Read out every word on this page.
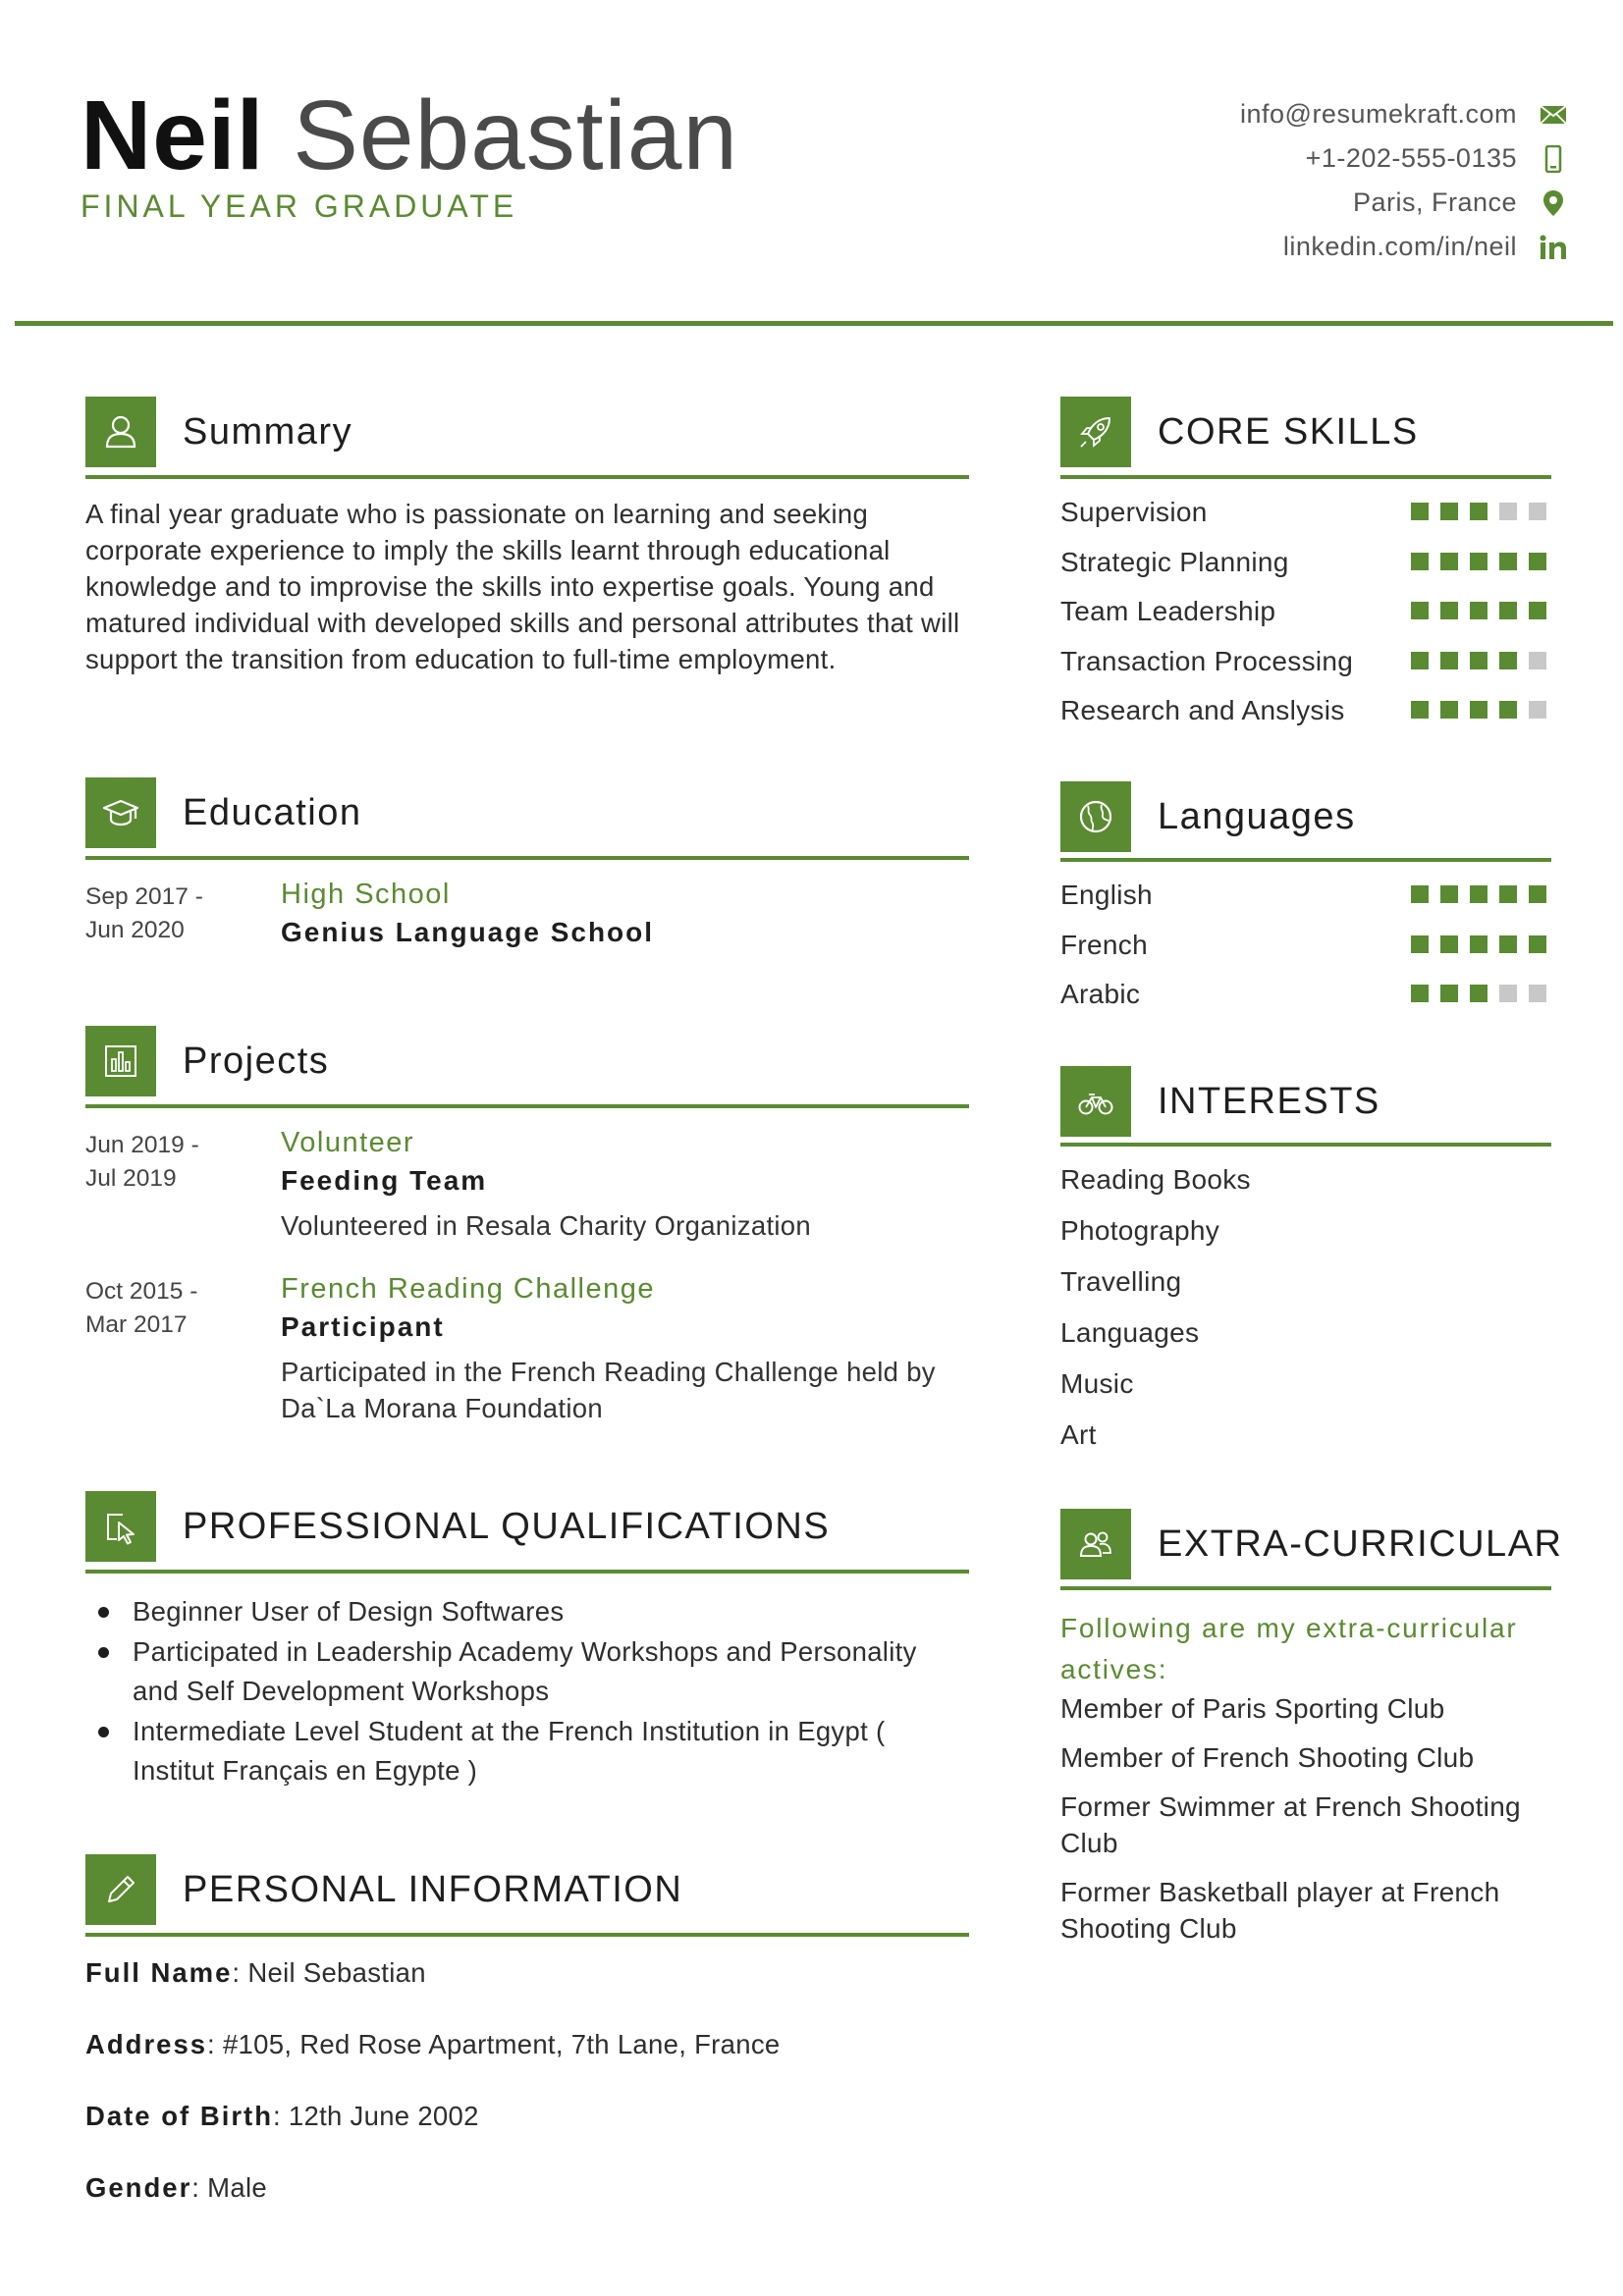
Neil Sebastian
FINAL YEAR GRADUATE
info@resumekraft.com
+1-202-555-0135
Paris, France
linkedin.com/in/neil
Summary
A final year graduate who is passionate on learning and seeking corporate experience to imply the skills learnt through educational knowledge and to improvise the skills into expertise goals. Young and matured individual with developed skills and personal attributes that will support the transition from education to full-time employment.
Education
Sep 2017 -
Jun 2020
High School
Genius Language School
Projects
Jun 2019 -
Jul 2019
Volunteer
Feeding Team
Volunteered in Resala Charity Organization
Oct 2015 -
Mar 2017
French Reading Challenge
Participant
Participated in the French Reading Challenge held by Da`La Morana Foundation
PROFESSIONAL QUALIFICATIONS
Beginner User of Design Softwares
Participated in Leadership Academy Workshops and Personality and Self Development Workshops
Intermediate Level Student at the French Institution in Egypt ( Institut Français en Egypte )
PERSONAL INFORMATION
Full Name: Neil Sebastian
Address: #105, Red Rose Apartment, 7th Lane, France
Date of Birth: 12th June 2002
Gender: Male
CORE SKILLS
Supervision
Strategic Planning
Team Leadership
Transaction Processing
Research and Anslysis
Languages
English
French
Arabic
INTERESTS
Reading Books
Photography
Travelling
Languages
Music
Art
EXTRA-CURRICULAR
Following are my extra-curricular actives:
Member of Paris Sporting Club
Member of French Shooting Club
Former Swimmer at French Shooting Club
Former Basketball player at French Shooting Club
